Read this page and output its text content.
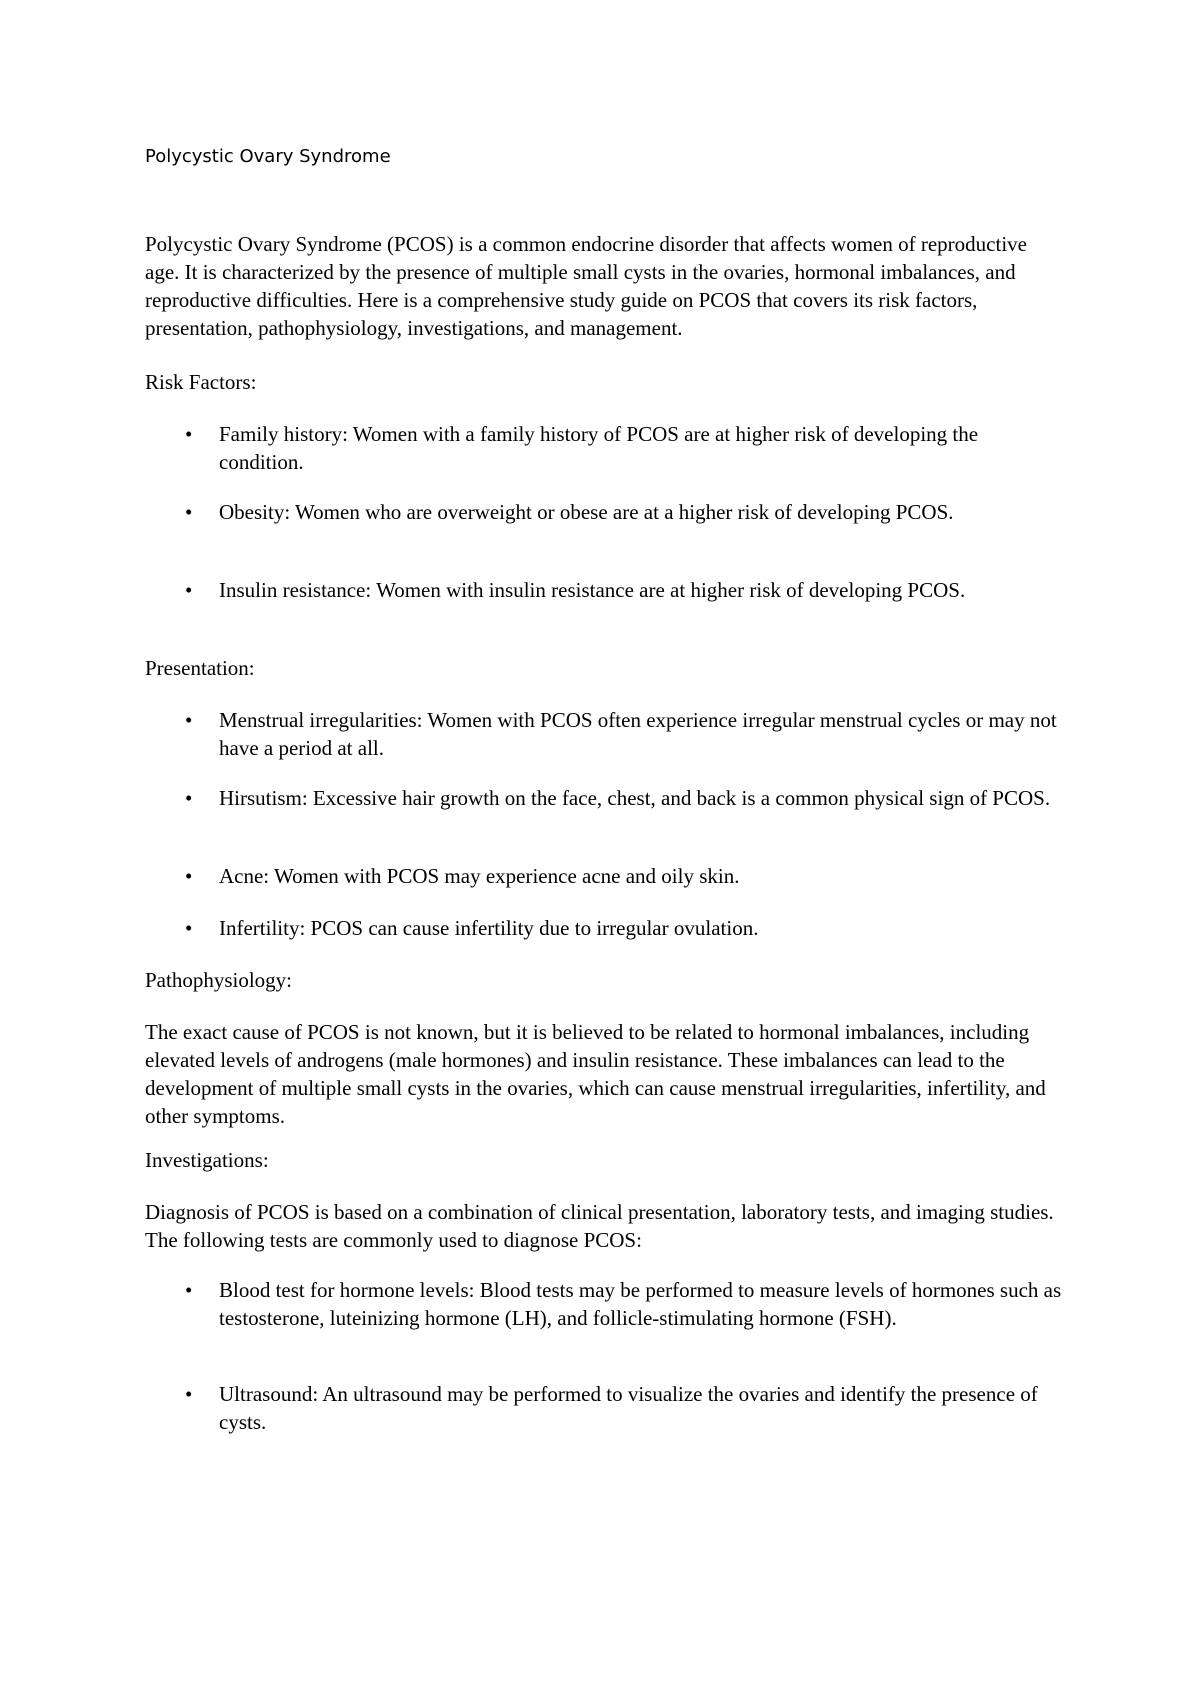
Polycystic Ovary Syndrome

Polycystic Ovary Syndrome (PCOS) is a common endocrine disorder that affects women of reproductive age. It is characterized by the presence of multiple small cysts in the ovaries, hormonal imbalances, and reproductive difficulties. Here is a comprehensive study guide on PCOS that covers its risk factors, presentation, pathophysiology, investigations, and management.

Risk Factors:

•	Family history: Women with a family history of PCOS are at higher risk of developing the condition.
•	Obesity: Women who are overweight or obese are at a higher risk of developing PCOS.
•	Insulin resistance: Women with insulin resistance are at higher risk of developing PCOS.

Presentation:

•	Menstrual irregularities: Women with PCOS often experience irregular menstrual cycles or may not have a period at all.
•	Hirsutism: Excessive hair growth on the face, chest, and back is a common physical sign of PCOS.
•	Acne: Women with PCOS may experience acne and oily skin.
•	Infertility: PCOS can cause infertility due to irregular ovulation.

Pathophysiology:

The exact cause of PCOS is not known, but it is believed to be related to hormonal imbalances, including elevated levels of androgens (male hormones) and insulin resistance. These imbalances can lead to the development of multiple small cysts in the ovaries, which can cause menstrual irregularities, infertility, and other symptoms.

Investigations:

Diagnosis of PCOS is based on a combination of clinical presentation, laboratory tests, and imaging studies. The following tests are commonly used to diagnose PCOS:

•	Blood test for hormone levels: Blood tests may be performed to measure levels of hormones such as testosterone, luteinizing hormone (LH), and follicle-stimulating hormone (FSH).
•	Ultrasound: An ultrasound may be performed to visualize the ovaries and identify the presence of cysts.
